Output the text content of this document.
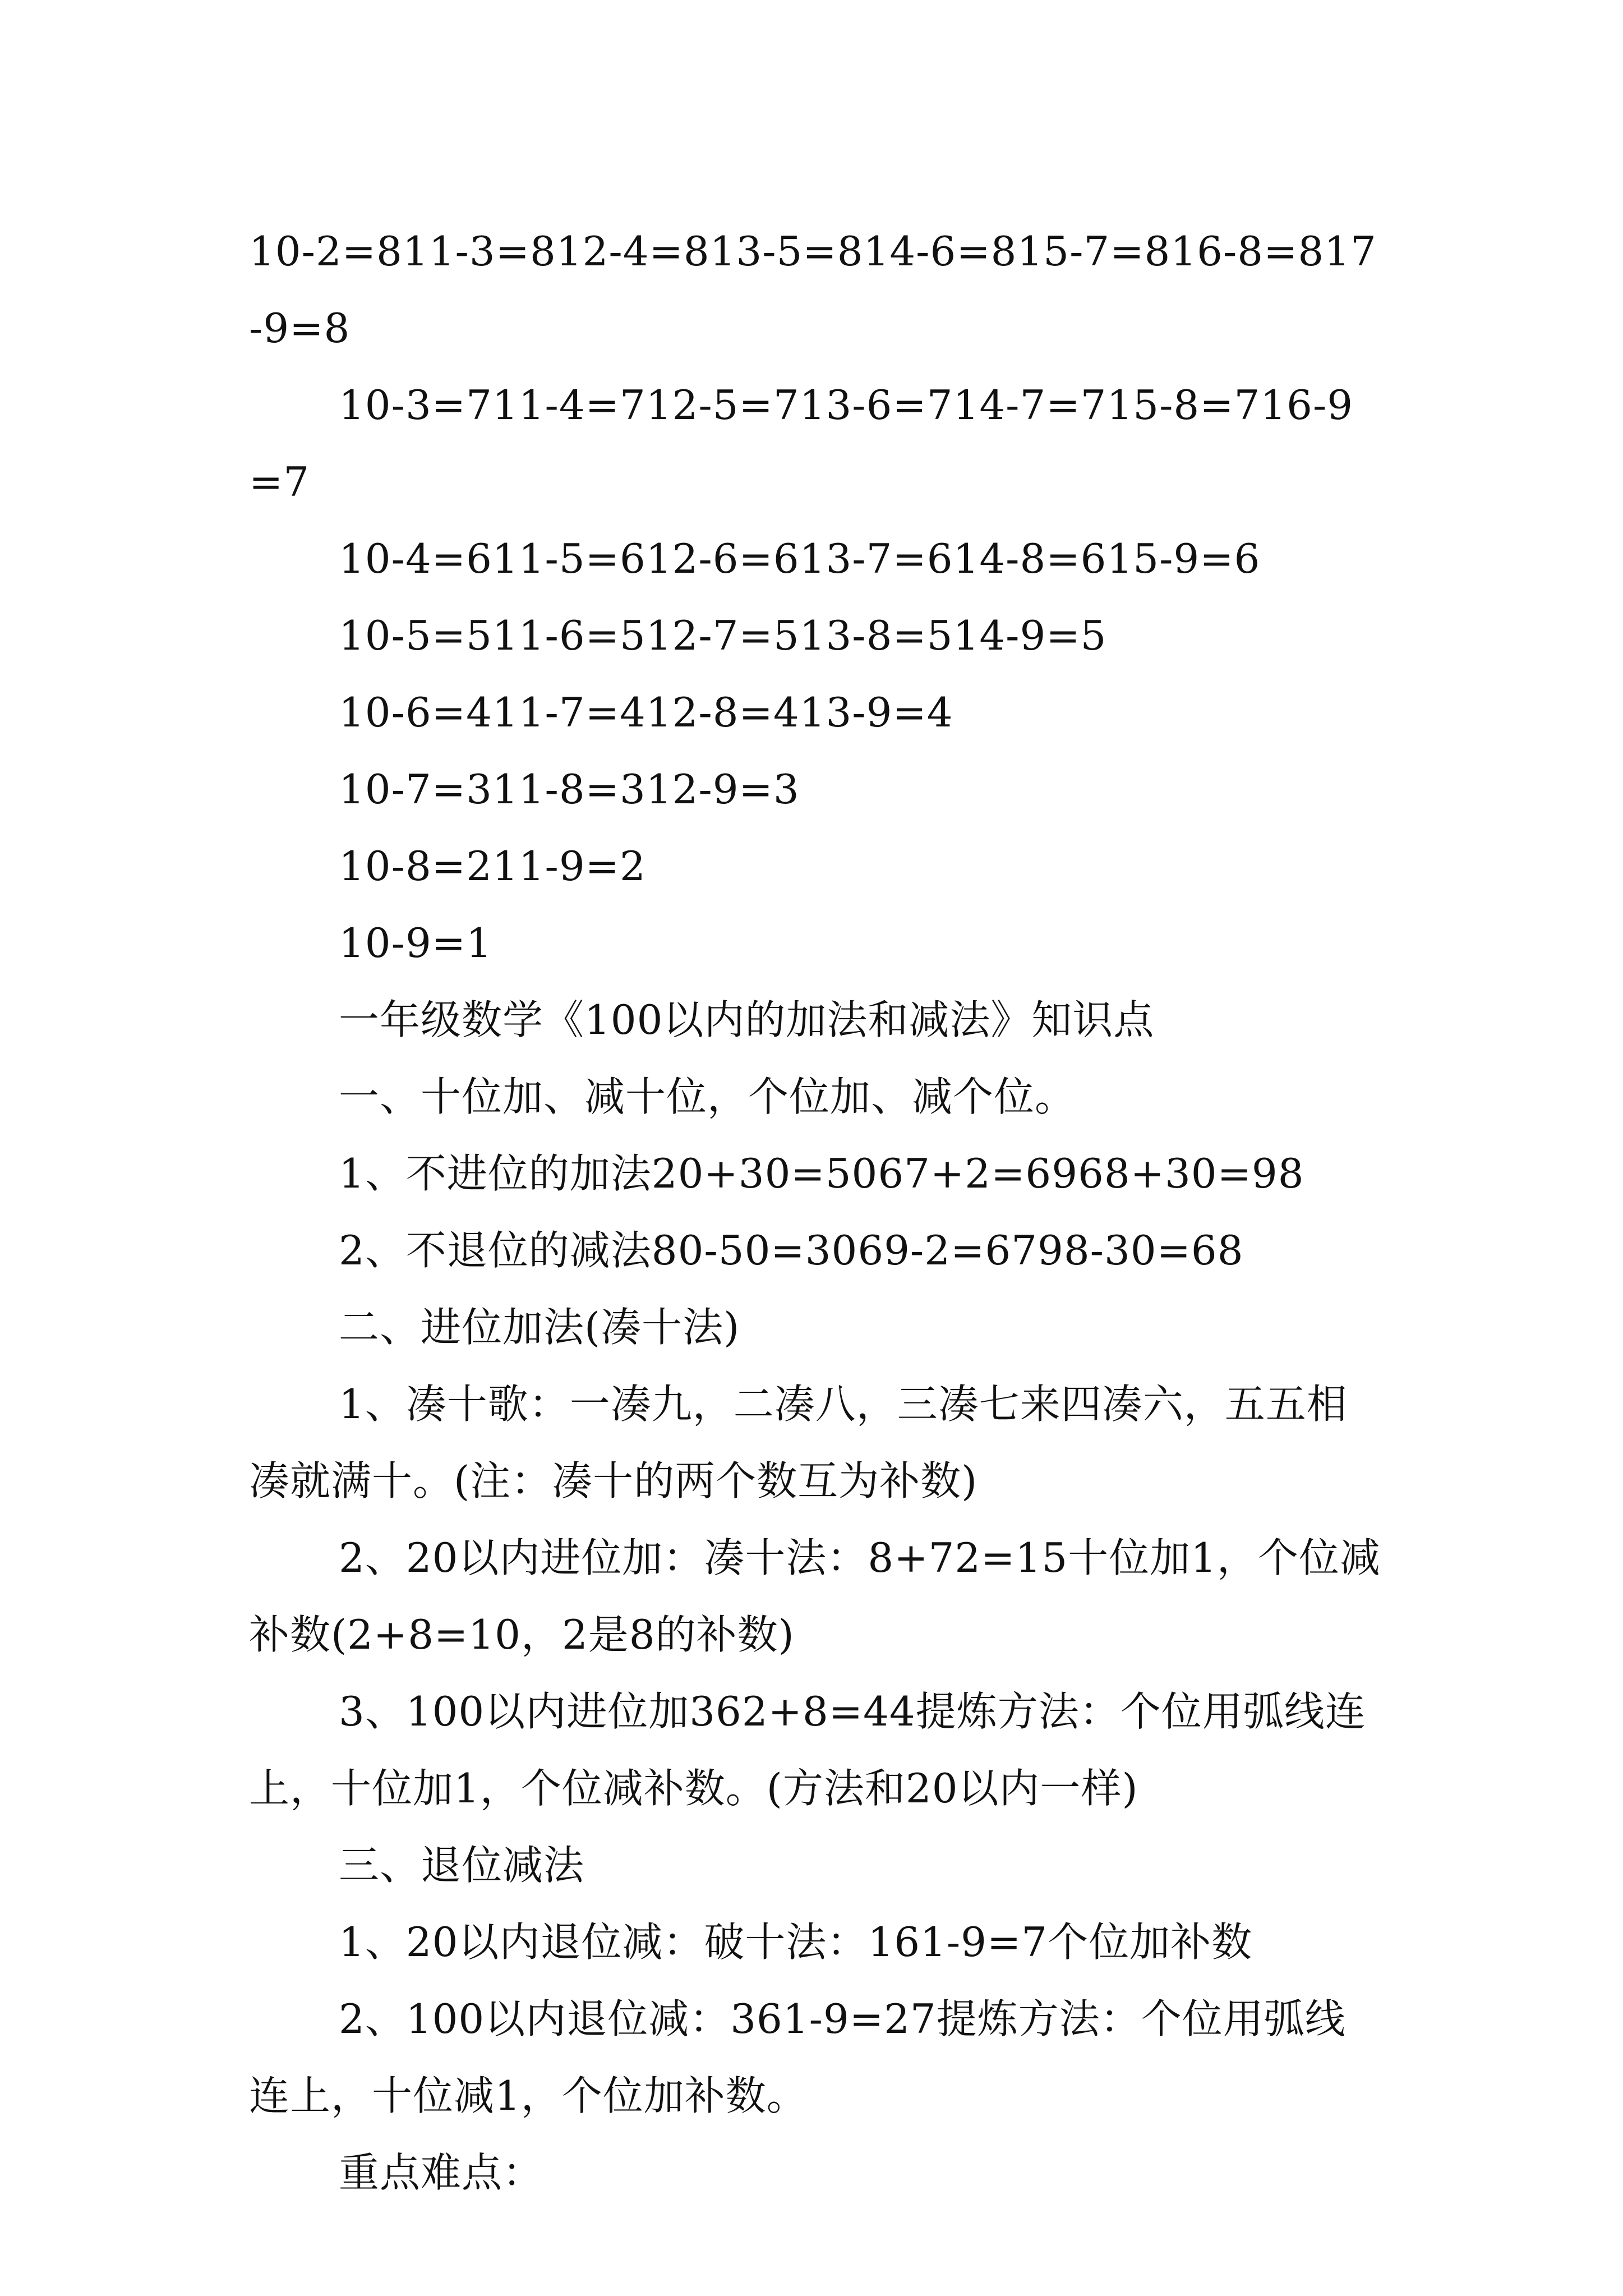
10-2=811-3=812-4=813-5=814-6=815-7=816-8=817-9=8

10-3=711-4=712-5=713-6=714-7=715-8=716-9=7

10-4=611-5=612-6=613-7=614-8=615-9=6

10-5=511-6=512-7=513-8=514-9=5

10-6=411-7=412-8=413-9=4

10-7=311-8=312-9=3

10-8=211-9=2

10-9=1

一年级数学《100以内的加法和减法》知识点

一、十位加、减十位，个位加、减个位。

1、不进位的加法20+30=5067+2=6968+30=98

2、不退位的减法80-50=3069-2=6798-30=68

二、进位加法(凑十法)

1、凑十歌：一凑九，二凑八，三凑七来四凑六，五五相凑就满十。(注：凑十的两个数互为补数)

2、20以内进位加：凑十法：8+72=15十位加1，个位减补数(2+8=10，2是8的补数)

3、100以内进位加362+8=44提炼方法：个位用弧线连上，十位加1，个位减补数。(方法和20以内一样)

三、退位减法

1、20以内退位减：破十法：161-9=7个位加补数

2、100以内退位减：361-9=27提炼方法：个位用弧线连上，十位减1，个位加补数。

重点难点：
